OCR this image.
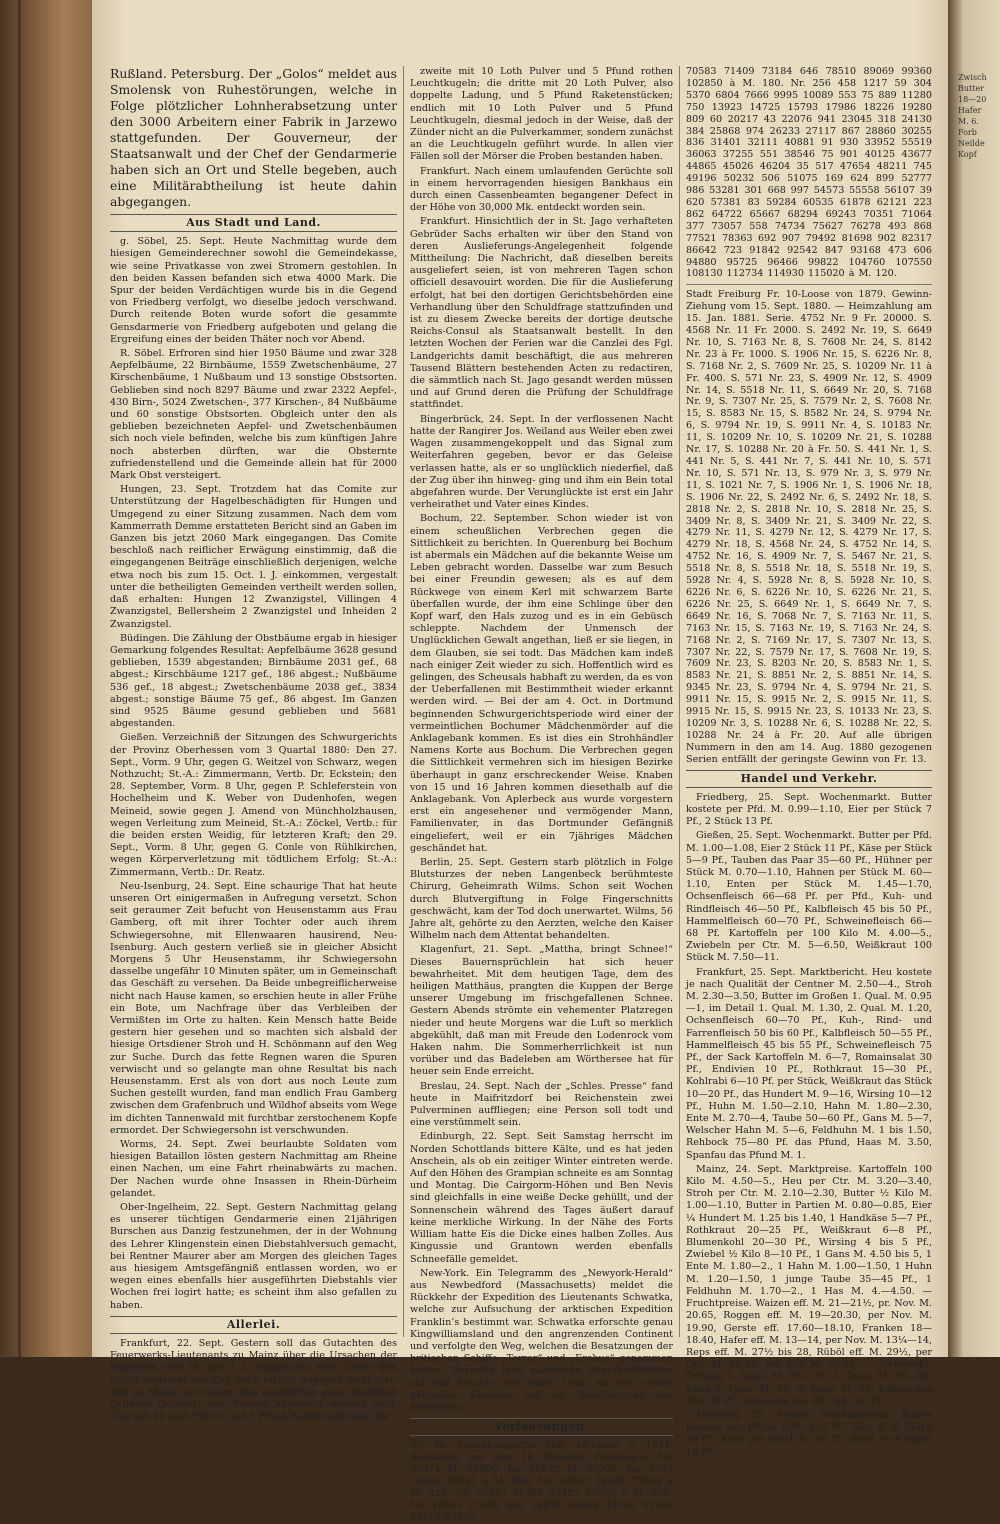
Rußland. Petersburg. Der „Golos“ meldet aus Smolensk von Ruhestörungen, welche in Folge plötzlicher Lohnherabsetzung unter den 3000 Arbeitern einer Fabrik in Jarzewo stattgefunden. Der Gouverneur, der Staatsanwalt und der Chef der Gendarmerie haben sich an Ort und Stelle begeben, auch eine Militärabtheilung ist heute dahin abgegangen.
Aus Stadt und Land.

g. Söbel, 25. Sept. Heute Nachmittag wurde dem hiesigen Gemeinderechner sowohl die Gemeindekasse, wie seine Privatkasse von zwei Stromern gestohlen. In den beiden Kassen befanden sich etwa 4000 Mark. Die Spur der beiden Verdächtigen wurde bis in die Gegend von Friedberg verfolgt, wo dieselbe jedoch verschwand. Durch reitende Boten wurde sofort die gesammte Gensdarmerie von Friedberg aufgeboten und gelang die Ergreifung eines der beiden Thäter noch vor Abend.

R. Söbel. Erfroren sind hier 1950 Bäume und zwar 328 Aepfelbäume, 22 Birnbäume, 1559 Zwetschenbäume, 27 Kirschenbäume, 1 Nußbaum und 13 sonstige Obstsorten. Geblieben sind noch 8297 Bäume und zwar 2322 Aepfel-, 430 Birn-, 5024 Zwetschen-, 377 Kirschen-, 84 Nußbäume und 60 sonstige Obstsorten. Obgleich unter den als geblieben bezeichneten Aepfel- und Zwetschenbäumen sich noch viele befinden, welche bis zum künftigen Jahre noch absterben dürften, war die Obsternte zufriedenstellend und die Gemeinde allein hat für 2000 Mark Obst versteigert.

Hungen, 23. Sept. Trotzdem hat das Comite zur Unterstützung der Hagelbeschädigten für Hungen und Umgegend zu einer Sitzung zusammen. Nach dem vom Kammerrath Demme erstatteten Bericht sind an Gaben im Ganzen bis jetzt 2060 Mark eingegangen. Das Comite beschloß nach reiflicher Erwägung einstimmig, daß die eingegangenen Beiträge einschließlich derjenigen, welche etwa noch bis zum 15. Oct. l. J. einkommen, vergestalt unter die betheiligten Gemeinden vertheilt werden sollen, daß erhalten: Hungen 12 Zwanzigstel, Villingen 4 Zwanzigstel, Bellersheim 2 Zwanzigstel und Inheiden 2 Zwanzigstel.

Büdingen. Die Zählung der Obstbäume ergab in hiesiger Gemarkung folgendes Resultat: Aepfelbäume 3628 gesund geblieben, 1539 abgestanden; Birnbäume 2031 gef., 68 abgest.; Kirschbäume 1217 gef., 186 abgest.; Nußbäume 536 gef., 18 abgest.; Zwetschenbäume 2038 gef., 3834 abgest.; sonstige Bäume 75 gef., 86 abgest. Im Ganzen sind 9525 Bäume gesund geblieben und 5681 abgestanden.

Gießen. Verzeichniß der Sitzungen des Schwurgerichts der Provinz Oberhessen vom 3 Quartal 1880: Den 27. Sept., Vorm. 9 Uhr, gegen G. Weitzel von Schwarz, wegen Nothzucht; St.-A.: Zimmermann, Vertb. Dr. Eckstein; den 28. September, Vorm. 8 Uhr, gegen P. Schleferstein von Hochelheim und K. Weber von Dudenhofen, wegen Meineid, sowie gegen J. Amend von Münchholzhausen, wegen Verleitung zum Meineid, St.-A.: Zöckel, Vertb.: für die beiden ersten Weidig, für letzteren Kraft; den 29. Sept., Vorm. 8 Uhr, gegen G. Conle von Rühlkirchen, wegen Körperverletzung mit tödtlichem Erfolg; St.-A.: Zimmermann, Vertb.: Dr. Reatz.

Neu-Isenburg, 24. Sept. Eine schaurige That hat heute unseren Ort einigermaßen in Aufregung versetzt. Schon seit geraumer Zeit befucht von Heusenstamm aus Frau Gamberg, oft mit ihrer Tochter oder auch ihrem Schwiegersohne, mit Ellenwaaren hausirend, Neu-Isenburg. Auch gestern verließ sie in gleicher Absicht Morgens 5 Uhr Heusenstamm, ihr Schwiegersohn dasselbe ungefähr 10 Minuten später, um in Gemeinschaft das Geschäft zu versehen. Da Beide unbegreiflicherweise nicht nach Hause kamen, so erschien heute in aller Frühe ein Bote, um Nachfrage über das Verbleiben der Vermißten im Orte zu halten. Kein Mensch hatte Beide gestern hier gesehen und so machten sich alsbald der hiesige Ortsdiener Stroh und H. Schönmann auf den Weg zur Suche. Durch das fette Regnen waren die Spuren verwischt und so gelangte man ohne Resultat bis nach Heusenstamm. Erst als von dort aus noch Leute zum Suchen gestellt wurden, fand man endlich Frau Gamberg zwischen dem Grafenbruch und Wildhof abseits vom Wege im dichten Tannenwald mit furchtbar zerstochenem Kopfe ermordet. Der Schwiegersohn ist verschwunden.

Worms, 24. Sept. Zwei beurlaubte Soldaten vom hiesigen Bataillon lösten gestern Nachmittag am Rheine einen Nachen, um eine Fahrt rheinabwärts zu machen. Der Nachen wurde ohne Insassen in Rhein-Dürheim gelandet.

Ober-Ingelheim, 22. Sept. Gestern Nachmittag gelang es unserer tüchtigen Gendarmerie einen 21jährigen Burschen aus Danzig festzunehmen, der in der Wohnung des Lehrer Klingenstein einen Diebstahlversuch gemacht, bei Rentner Maurer aber am Morgen des gleichen Tages aus hiesigem Amtsgefängniß entlassen worden, wo er wegen eines ebenfalls hier ausgeführten Diebstahls vier Wochen frei logirt hatte; es scheint ihm also gefallen zu haben.

Allerlei.

Frankfurt, 22. Sept. Gestern soll das Gutachten des Feuerwerks-Lieutenants zu Mainz über die Ursachen der Explosion vom 28. Juli d. J. eingelaufen sein. Ueber den Inhalt verlautet zur Zeit noch nichts, dagegen steht fest, daß zu Mainz mit einem dem explodirten ganz ähnlichen Cylinder (Mörser) vier Proben angestellt worden sind, eine mit 10 Loth Pulver und 5 Pfund Raketenstücken; die

zweite mit 10 Loth Pulver und 5 Pfund rothen Leuchtkugeln; die dritte mit 20 Loth Pulver, also doppelte Ladung, und 5 Pfund Raketenstücken; endlich mit 10 Loth Pulver und 5 Pfund Leuchtkugeln, diesmal jedoch in der Weise, daß der Zünder nicht an die Pulverkammer, sondern zunächst an die Leuchtkugeln geführt wurde. In allen vier Fällen soll der Mörser die Proben bestanden haben.

Frankfurt. Nach einem umlaufenden Gerüchte soll in einem hervorragenden hiesigen Bankhaus ein durch einen Cassenbeamten begangener Defect in der Höhe von 30,000 Mk. entdeckt worden sein.

Frankfurt. Hinsichtlich der in St. Jago verhafteten Gebrüder Sachs erhalten wir über den Stand von deren Auslieferungs-Angelegenheit folgende Mittheilung: Die Nachricht, daß dieselben bereits ausgeliefert seien, ist von mehreren Tagen schon officiell desavouirt worden. Die für die Auslieferung erfolgt, hat bei den dortigen Gerichtsbehörden eine Verhandlung über den Schuldfrage stattzufinden und ist zu diesem Zwecke bereits der dortige deutsche Reichs-Consul als Staatsanwalt bestellt. In den letzten Wochen der Ferien war die Canzlei des Fgl. Landgerichts damit beschäftigt, die aus mehreren Tausend Blättern bestehenden Acten zu redactiren, die sämmtlich nach St. Jago gesandt werden müssen und auf Grund deren die Prüfung der Schuldfrage stattfindet.

Bingerbrück, 24. Sept. In der verflossenen Nacht hatte der Rangirer Jos. Weiland aus Weiler eben zwei Wagen zusammengekoppelt und das Signal zum Weiterfahren gegeben, bevor er das Geleise verlassen hatte, als er so unglücklich niederfiel, daß der Zug über ihn hinweg- ging und ihm ein Bein total abgefahren wurde. Der Verunglückte ist erst ein Jahr verheirathet und Vater eines Kindes.

Bochum, 22. September. Schon wieder ist von einem scheußlichen Verbrechen gegen die Sittlichkeit zu berichten. In Querenburg bei Bochum ist abermals ein Mädchen auf die bekannte Weise um Leben gebracht worden. Dasselbe war zum Besuch bei einer Freundin gewesen; als es auf dem Rückwege von einem Kerl mit schwarzem Barte überfallen wurde, der ihm eine Schlinge über den Kopf warf, den Hals zuzog und es in ein Gebüsch schleppte. Nachdem der Unmensch der Unglücklichen Gewalt angethan, ließ er sie liegen, in dem Glauben, sie sei todt. Das Mädchen kam indeß nach einiger Zeit wieder zu sich. Hoffentlich wird es gelingen, des Scheusals habhaft zu werden, da es von der Ueberfallenen mit Bestimmtheit wieder erkannt werden wird. — Bei der am 4. Oct. in Dortmund beginnenden Schwurgerichtsperiode wird einer der vermeintlichen Bochumer Mädchenmörder auf die Anklagebank kommen. Es ist dies ein Strohhändler Namens Korte aus Bochum. Die Verbrechen gegen die Sittlichkeit vermehren sich im hiesigen Bezirke überhaupt in ganz erschreckender Weise. Knaben von 15 und 16 Jahren kommen diesethalb auf die Anklagebank. Von Aplerbeck aus wurde vorgestern erst ein angesehener und vermögender Mann, Familienvater, in das Dortmunder Gefängniß eingeliefert, weil er ein 7jähriges Mädchen geschändet hat.

Berlin, 25. Sept. Gestern starb plötzlich in Folge Blutsturzes der neben Langenbeck berühmteste Chirurg, Geheimrath Wilms. Schon seit Wochen durch Blutvergiftung in Folge Fingerschnitts geschwächt, kam der Tod doch unerwartet. Wilms, 56 Jahre alt, gehörte zu den Aerzten, welche den Kaiser Wilhelm nach dem Attentat behandelten.

Klagenfurt, 21. Sept. „Mattha, bringt Schnee!“ Dieses Bauernsprüchlein hat sich heuer bewahrheitet. Mit dem heutigen Tage, dem des heiligen Matthäus, prangten die Kuppen der Berge unserer Umgebung im frischgefallenen Schnee. Gestern Abends strömte ein vehementer Platzregen nieder und heute Morgens war die Luft so merklich abgekühlt, daß man mit Freude den Lodenrock vom Haken nahm. Die Sommerherrlichkeit ist nun vorüber und das Badeleben am Wörthersee hat für heuer sein Ende erreicht.

Breslau, 24. Sept. Nach der „Schles. Presse“ fand heute in Maifritzdorf bei Reichenstein zwei Pulverminen auffliegen; eine Person soll todt und eine verstümmelt sein.

Edinburgh, 22. Sept. Seit Samstag herrscht im Norden Schottlands bittere Kälte, und es hat jeden Anschein, als ob ein zeitiger Winter eintreten werde. Auf den Höhen des Grampian schneite es am Sonntag und Montag. Die Cairgorm-Höhen und Ben Nevis sind gleichfalls in eine weiße Decke gehüllt, und der Sonnenschein während des Tages äußert darauf keine merkliche Wirkung. In der Nähe des Forts William hatte Eis die Dicke eines halben Zolles. Aus Kingussie und Grantown werden ebenfalls Schneefälle gemeldet.

New-York. Ein Telegramm des „Newyork-Herald“ aus Newbedford (Massachusetts) meldet die Rückkehr der Expedition des Lieutenants Schwatka, welche zur Aufsuchung der arktischen Expedition Franklin’s bestimmt war. Schwatka erforschte genau Kingwilliamsland und den angrenzenden Continent und verfolgte den Weg, welchen die Besatzungen der britischen Schiffe „Terror“ und „Erebus“ genommen hatten. Derselbe fand zahlreiche Begräbnißstätten auf und brachte von jedem Orte, wo sich solche gefunden, Knochen mit zur Identificirung der Expedition.

Verloosungen.
3½ Gt. Oldenburgische Thlr. 40-Loose v. 1871. Restanten aus den 18 früheren Ziehungen. Nr. 33974 M. 60000. Nr. 56822 M. 30000. Nr. 6955 15666 39581 à M. 900. Nr. 10057 28638 77004 à M. 420. Nr. 20927 41360 43427 80995 à M. 300. Nr. 10535 17055 953 19839 32468 34352 52921 62179 63806
70583 71409 73184 646 78510 89069 99360 102850 à M. 180. Nr. 256 458 1217 59 304 5370 6804 7666 9995 10089 553 75 889 11280 750 13923 14725 15793 17986 18226 19280 809 60 20217 43 22076 941 23045 318 24130 384 25868 974 26233 27117 867 28860 30255 836 31401 32111 40881 91 930 33952 55519 36063 37255 551 38546 75 901 40125 43677 44865 45026 46204 35 517 47654 48211 745 49196 50232 506 51075 169 624 899 52777 986 53281 301 668 997 54573 55558 56107 39 620 57381 83 59284 60535 61878 62121 223 862 64722 65667 68294 69243 70351 71064 377 73057 558 74734 75627 76278 493 868 77521 78363 692 907 79492 81698 902 82317 86642 723 91842 92542 847 93168 473 606 94880 95725 96466 99822 104760 107550 108130 112734 114930 115020 à M. 120.
Stadt Freiburg Fr. 10-Loose von 1879. Gewinn-Ziehung vom 15. Sept. 1880. — Heimzahlung am 15. Jan. 1881. Serie. 4752 Nr. 9 Fr. 20000. S. 4568 Nr. 11 Fr. 2000. S. 2492 Nr. 19, S. 6649 Nr. 10, S. 7163 Nr. 8, S. 7608 Nr. 24, S. 8142 Nr. 23 à Fr. 1000. S. 1906 Nr. 15, S. 6226 Nr. 8, S. 7168 Nr. 2, S. 7609 Nr. 25, S. 10209 Nr. 11 à Fr. 400. S. 571 Nr. 23, S. 4909 Nr. 12, S. 4909 Nr. 14, S. 5518 Nr. 11, S. 6649 Nr. 20, S. 7168 Nr. 9, S. 7307 Nr. 25, S. 7579 Nr. 2, S. 7608 Nr. 15, S. 8583 Nr. 15, S. 8582 Nr. 24, S. 9794 Nr. 6, S. 9794 Nr. 19, S. 9911 Nr. 4, S. 10183 Nr. 11, S. 10209 Nr. 10, S. 10209 Nr. 21, S. 10288 Nr. 17, S. 10288 Nr. 20 à Fr. 50. S. 441 Nr. 1, S. 441 Nr. 5, S. 441 Nr. 7, S. 441 Nr. 10, S. 571 Nr. 10, S. 571 Nr. 13, S. 979 Nr. 3, S. 979 Nr. 11, S. 1021 Nr. 7, S. 1906 Nr. 1, S. 1906 Nr. 18, S. 1906 Nr. 22, S. 2492 Nr. 6, S. 2492 Nr. 18, S. 2818 Nr. 2, S. 2818 Nr. 10, S. 2818 Nr. 25, S. 3409 Nr. 8, S. 3409 Nr. 21, S. 3409 Nr. 22, S. 4279 Nr. 11, S. 4279 Nr. 12, S. 4279 Nr. 17, S. 4279 Nr. 18, S. 4568 Nr. 24, S. 4752 Nr. 14, S. 4752 Nr. 16, S. 4909 Nr. 7, S. 5467 Nr. 21, S. 5518 Nr. 8, S. 5518 Nr. 18, S. 5518 Nr. 19, S. 5928 Nr. 4, S. 5928 Nr. 8, S. 5928 Nr. 10, S. 6226 Nr. 6, S. 6226 Nr. 10, S. 6226 Nr. 21, S. 6226 Nr. 25, S. 6649 Nr. 1, S. 6649 Nr. 7, S. 6649 Nr. 16, S. 7068 Nr. 7, S. 7163 Nr. 11, S. 7163 Nr. 15, S. 7163 Nr. 19, S. 7163 Nr. 24, S. 7168 Nr. 2, S. 7169 Nr. 17, S. 7307 Nr. 13, S. 7307 Nr. 22, S. 7579 Nr. 17, S. 7608 Nr. 19, S. 7609 Nr. 23, S. 8203 Nr. 20, S. 8583 Nr. 1, S. 8583 Nr. 21, S. 8851 Nr. 2, S. 8851 Nr. 14, S. 9345 Nr. 23, S. 9794 Nr. 4, S. 9794 Nr. 21, S. 9911 Nr. 15, S. 9915 Nr. 2, S. 9915 Nr. 11, S. 9915 Nr. 15, S. 9915 Nr. 23, S. 10133 Nr. 23, S. 10209 Nr. 3, S. 10288 Nr. 6, S. 10288 Nr. 22, S. 10288 Nr. 24 à Fr. 20. Auf alle übrigen Nummern in den am 14. Aug. 1880 gezogenen Serien entfällt der geringste Gewinn von Fr. 13.
Handel und Verkehr.

Friedberg, 25. Sept. Wochenmarkt. Butter kostete per Pfd. M. 0.99—1.10, Eier per Stück 7 Pf., 2 Stück 13 Pf.

Gießen, 25. Sept. Wochenmarkt. Butter per Pfd. M. 1.00—1.08, Eier 2 Stück 11 Pf., Käse per Stück 5—9 Pf., Tauben das Paar 35—60 Pf., Hühner per Stück M. 0.70—1.10, Hahnen per Stück M. 60—1.10, Enten per Stück M. 1.45—1.70, Ochsenfleisch 66—68 Pf. per Pfd., Kuh- und Rindfleisch 46—50 Pf., Kalbfleisch 45 bis 50 Pf., Hammelfleisch 60—70 Pf., Schweinefleisch 66—68 Pf. Kartoffeln per 100 Kilo M. 4.00—5., Zwiebeln per Ctr. M. 5—6.50, Weißkraut 100 Stück M. 7.50—11.

Frankfurt, 25. Sept. Marktbericht. Heu kostete je nach Qualität der Centner M. 2.50—4., Stroh M. 2.30—3.50, Butter im Großen 1. Qual. M. 0.95—1, im Detail 1. Qual. M. 1.30, 2. Qual. M. 1.20, Ochsenfleisch 60—70 Pf., Kuh-, Rind- und Farrenfleisch 50 bis 60 Pf., Kalbfleisch 50—55 Pf., Hammelfleisch 45 bis 55 Pf., Schweinefleisch 75 Pf., der Sack Kartoffeln M. 6—7, Romainsalat 30 Pf., Endivien 10 Pf., Rothkraut 15—30 Pf., Kohlrabi 6—10 Pf. per Stück, Weißkraut das Stück 10—20 Pf., das Hundert M. 9—16, Wirsing 10—12 Pf., Huhn M. 1.50—2.10, Hahn M. 1.80—2.30, Ente M. 2.70—4, Taube 50—60 Pf., Gans M. 5—7, Welscher Hahn M. 5—6, Feldhuhn M. 1 bis 1.50, Rehbock 75—80 Pf. das Pfund, Haas M. 3.50, Spanfau das Pfund M. 1.

Mainz, 24. Sept. Marktpreise. Kartoffeln 100 Kilo M. 4.50—5., Heu per Ctr. M. 3.20—3.40, Stroh per Ctr. M. 2.10—2.30, Butter ½ Kilo M. 1.00—1.10, Butter in Partien M. 0.80—0.85, Eier ¼ Hundert M. 1.25 bis 1.40, 1 Handkäse 5—7 Pf., Rothkraut 20—25 Pf., Weißkraut 6—8 Pf., Blumenkohl 20—30 Pf., Wirsing 4 bis 5 Pf., Zwiebel ½ Kilo 8—10 Pf., 1 Gans M. 4.50 bis 5, 1 Ente M. 1.80—2., 1 Hahn M. 1.00—1.50, 1 Huhn M. 1.20—1.50, 1 junge Taube 35—45 Pf., 1 Feldhuhn M. 1.70—2., 1 Has M. 4.—4.50. — Fruchtpreise. Waizen eff. M. 21—21½, pr. Nov. M. 20.65, Roggen eff. M. 19—20.30, per Nov. M. 19.90, Gerste eff. 17.60—18.10, Franken 18—18.40, Hafer eff. M. 13—14, per Nov. M. 13¼—14, Reps eff. M. 27½ bis 28, Rüböl eff. M. 29½, per Okt. M. 29.30, per Mai M. 30.20. — Viehmarkt. Ochsen 1. Qual. M. 66—70, 2. Qual. M. 63—66, Kühe 1. Qual. M. 57, 2. Qual. M. 50, Kälber das Pfd. 70 Pf., Schweine das Pfd. 64—67 Pf.

Marburg, 25. Septbr. Wochenmarkt. Butter kostete per Pfund 100—110 Pf., Eier 8—9 Stück 40 Pf., Käse per Stück 8—10 Pf., Salat 3—4 Köpfe 10 Pf.,

Zwisch
Butter
18—20
Hafer
M. 6.
Forb
Neilde
Kopf
